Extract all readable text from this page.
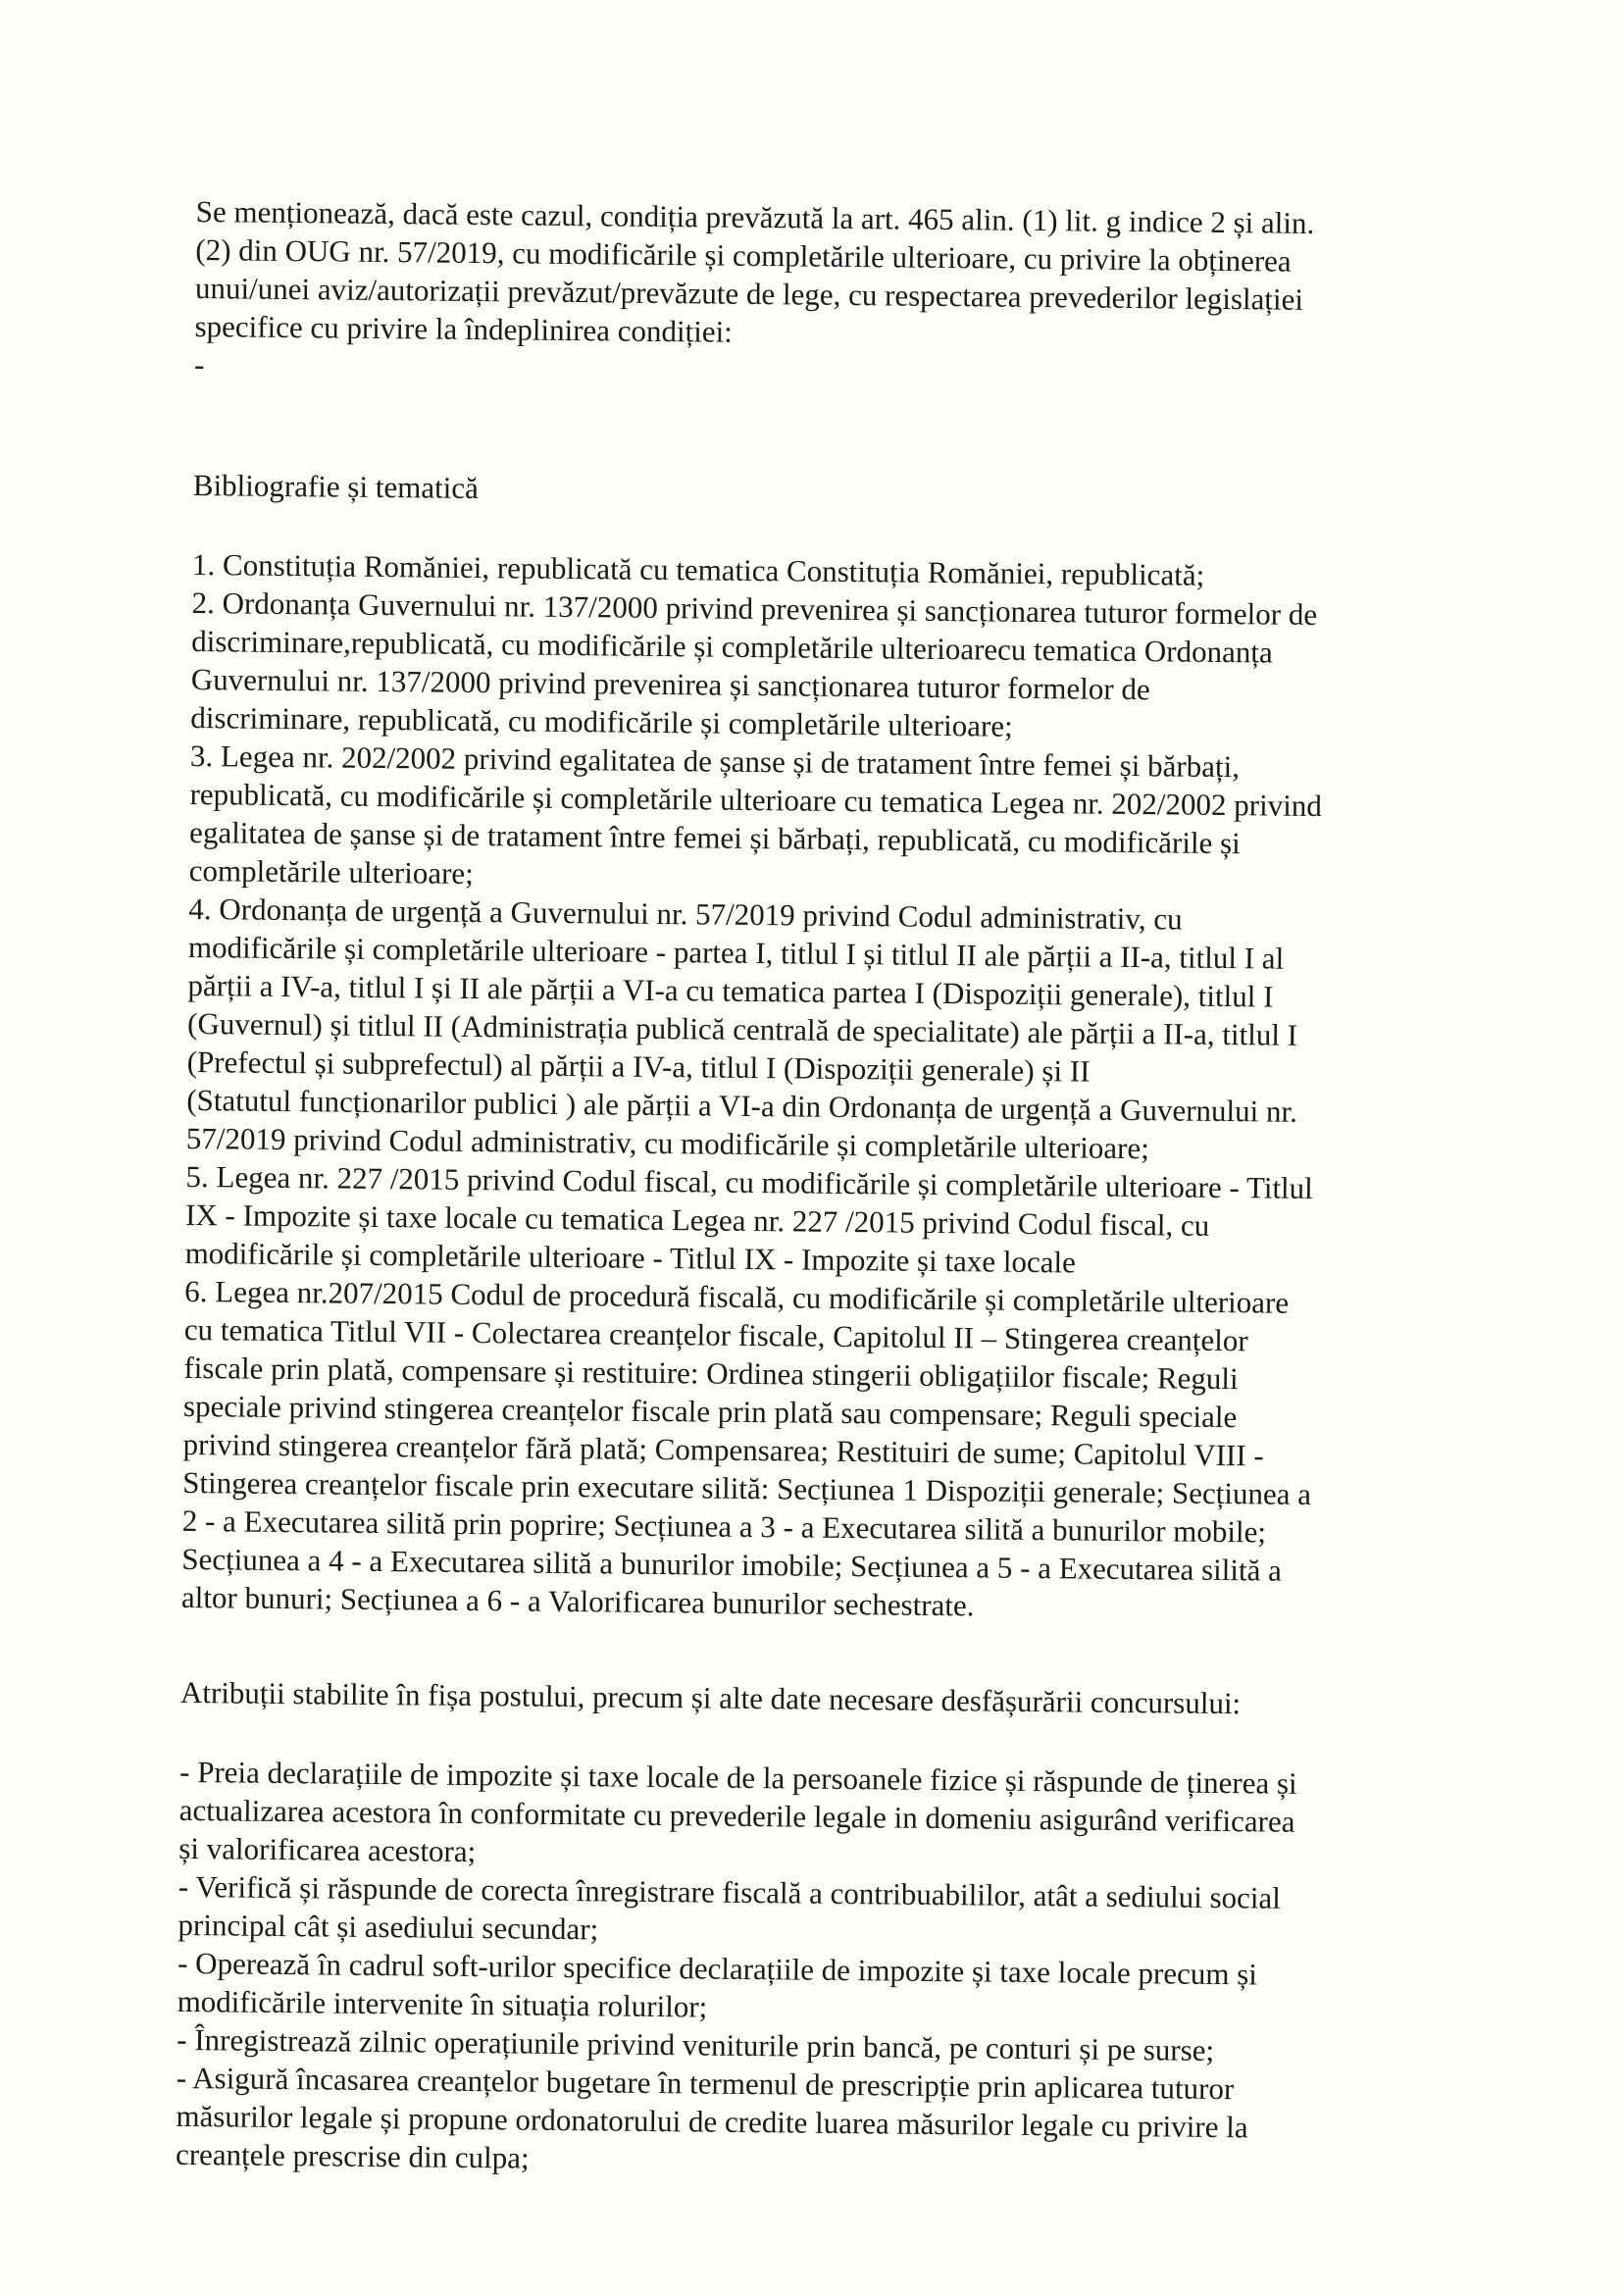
Se menționează, dacă este cazul, condiția prevăzută la art. 465 alin. (1) lit. g indice 2 și alin.
(2) din OUG nr. 57/2019, cu modificările și completările ulterioare, cu privire la obținerea
unui/unei aviz/autorizații prevăzut/prevăzute de lege, cu respectarea prevederilor legislației
specifice cu privire la îndeplinirea condiției:
-
Bibliografie și tematică
1. Constituția Romăniei, republicată cu tematica Constituția Romăniei, republicată;
2. Ordonanța Guvernului nr. 137/2000 privind prevenirea și sancționarea tuturor formelor de
discriminare,republicată, cu modificările și completările ulterioarecu tematica Ordonanța
Guvernului nr. 137/2000 privind prevenirea și sancționarea tuturor formelor de
discriminare, republicată, cu modificările și completările ulterioare;
3. Legea nr. 202/2002 privind egalitatea de șanse și de tratament între femei și bărbați,
republicată, cu modificările și completările ulterioare cu tematica Legea nr. 202/2002 privind
egalitatea de șanse și de tratament între femei și bărbați, republicată, cu modificările și
completările ulterioare;
4. Ordonanța de urgență a Guvernului nr. 57/2019 privind Codul administrativ, cu
modificările și completările ulterioare - partea I, titlul I și titlul II ale părții a II-a, titlul I al
părții a IV-a, titlul I și II ale părții a VI-a cu tematica partea I (Dispoziții generale), titlul I
(Guvernul) și titlul II (Administrația publică centrală de specialitate) ale părții a II-a, titlul I
(Prefectul și subprefectul) al părții a IV-a, titlul I (Dispoziții generale) și II
(Statutul funcționarilor publici ) ale părții a VI-a din Ordonanța de urgență a Guvernului nr.
57/2019 privind Codul administrativ, cu modificările și completările ulterioare;
5. Legea nr. 227 /2015 privind Codul fiscal, cu modificările și completările ulterioare - Titlul
IX - Impozite și taxe locale cu tematica Legea nr. 227 /2015 privind Codul fiscal, cu
modificările și completările ulterioare - Titlul IX - Impozite și taxe locale
6. Legea nr.207/2015 Codul de procedură fiscală, cu modificările și completările ulterioare
cu tematica Titlul VII - Colectarea creanțelor fiscale, Capitolul II – Stingerea creanțelor
fiscale prin plată, compensare și restituire: Ordinea stingerii obligațiilor fiscale; Reguli
speciale privind stingerea creanțelor fiscale prin plată sau compensare; Reguli speciale
privind stingerea creanțelor fără plată; Compensarea; Restituiri de sume; Capitolul VIII -
Stingerea creanțelor fiscale prin executare silită: Secțiunea 1 Dispoziții generale; Secțiunea a
2 - a Executarea silită prin poprire; Secțiunea a 3 - a Executarea silită a bunurilor mobile;
Secțiunea a 4 - a Executarea silită a bunurilor imobile; Secțiunea a 5 - a Executarea silită a
altor bunuri; Secțiunea a 6 - a Valorificarea bunurilor sechestrate.
Atribuții stabilite în fișa postului, precum și alte date necesare desfășurării concursului:
- Preia declarațiile de impozite și taxe locale de la persoanele fizice și răspunde de ținerea și
actualizarea acestora în conformitate cu prevederile legale in domeniu asigurând verificarea
și valorificarea acestora;
- Verifică și răspunde de corecta înregistrare fiscală a contribuabililor, atât a sediului social
principal cât și asediului secundar;
- Operează în cadrul soft-urilor specifice declarațiile de impozite și taxe locale precum și
modificările intervenite în situația rolurilor;
- Înregistrează zilnic operațiunile privind veniturile prin bancă, pe conturi și pe surse;
- Asigură încasarea creanțelor bugetare în termenul de prescripție prin aplicarea tuturor
măsurilor legale și propune ordonatorului de credite luarea măsurilor legale cu privire la
creanțele prescrise din culpa;
